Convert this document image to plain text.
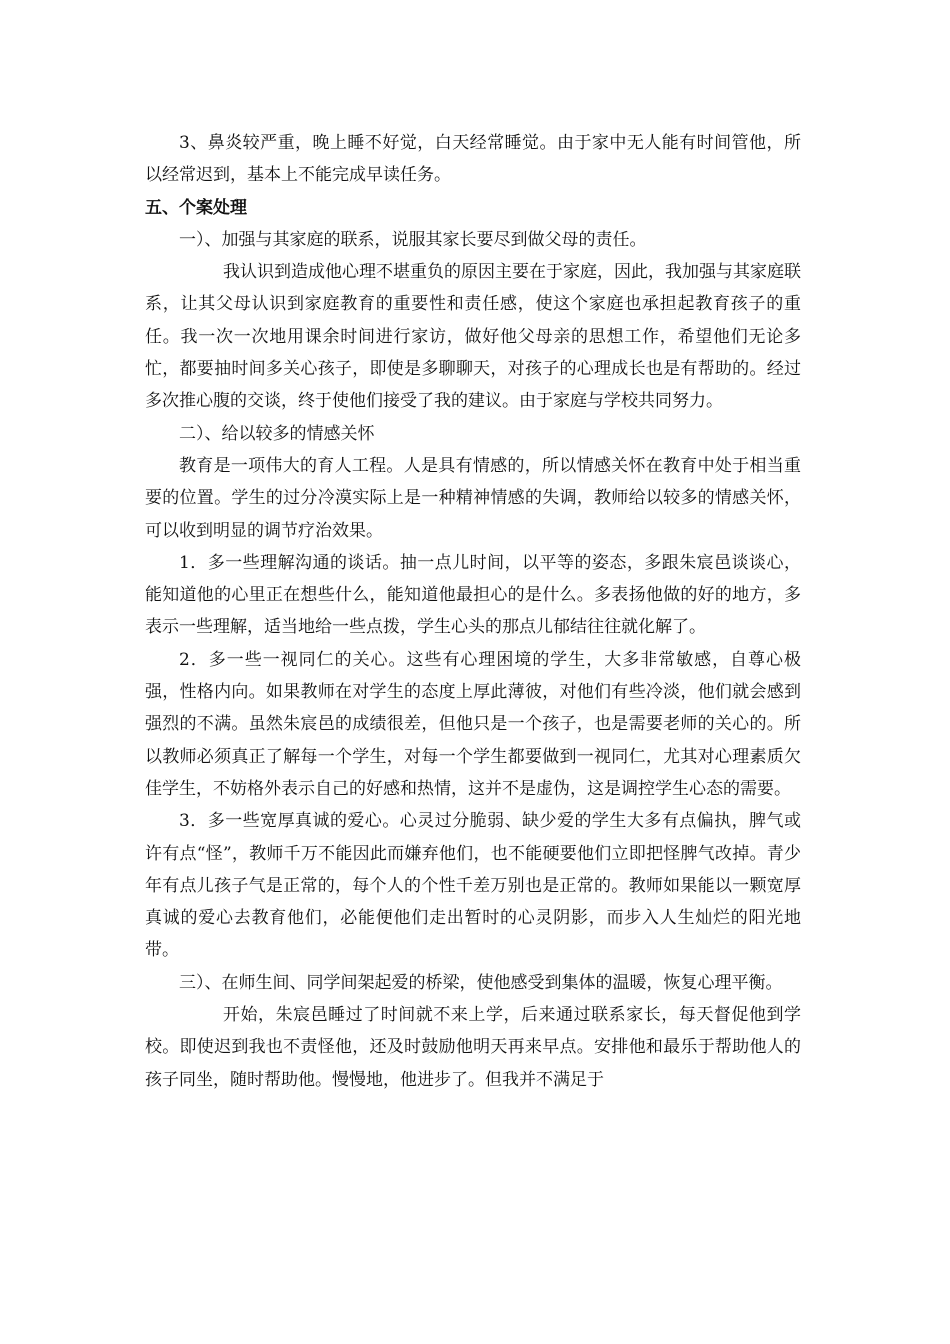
3、鼻炎较严重，晚上睡不好觉，白天经常睡觉。由于家中无人能有时间管他，所以经常迟到，基本上不能完成早读任务。

五、个案处理

一）、加强与其家庭的联系，说服其家长要尽到做父母的责任。

我认识到造成他心理不堪重负的原因主要在于家庭，因此，我加强与其家庭联系，让其父母认识到家庭教育的重要性和责任感，使这个家庭也承担起教育孩子的重任。我一次一次地用课余时间进行家访，做好他父母亲的思想工作，希望他们无论多忙，都要抽时间多关心孩子，即使是多聊聊天，对孩子的心理成长也是有帮助的。经过多次推心腹的交谈，终于使他们接受了我的建议。由于家庭与学校共同努力。

二）、给以较多的情感关怀

教育是一项伟大的育人工程。人是具有情感的，所以情感关怀在教育中处于相当重要的位置。学生的过分冷漠实际上是一种精神情感的失调，教师给以较多的情感关怀，可以收到明显的调节疗治效果。

1．多一些理解沟通的谈话。抽一点儿时间，以平等的姿态，多跟朱宸邑谈谈心，能知道他的心里正在想些什么，能知道他最担心的是什么。多表扬他做的好的地方，多表示一些理解，适当地给一些点拨，学生心头的那点儿郁结往往就化解了。

2．多一些一视同仁的关心。这些有心理困境的学生，大多非常敏感，自尊心极强，性格内向。如果教师在对学生的态度上厚此薄彼，对他们有些冷淡，他们就会感到强烈的不满。虽然朱宸邑的成绩很差，但他只是一个孩子，也是需要老师的关心的。所以教师必须真正了解每一个学生，对每一个学生都要做到一视同仁，尤其对心理素质欠佳学生，不妨格外表示自己的好感和热情，这并不是虚伪，这是调控学生心态的需要。

3．多一些宽厚真诚的爱心。心灵过分脆弱、缺少爱的学生大多有点偏执，脾气或许有点“怪”，教师千万不能因此而嫌弃他们，也不能硬要他们立即把怪脾气改掉。青少年有点儿孩子气是正常的，每个人的个性千差万别也是正常的。教师如果能以一颗宽厚真诚的爱心去教育他们，必能便他们走出暂时的心灵阴影，而步入人生灿烂的阳光地带。

三）、在师生间、同学间架起爱的桥梁，使他感受到集体的温暖，恢复心理平衡。

开始，朱宸邑睡过了时间就不来上学，后来通过联系家长，每天督促他到学校。即使迟到我也不责怪他，还及时鼓励他明天再来早点。安排他和最乐于帮助他人的孩子同坐，随时帮助他。慢慢地，他进步了。但我并不满足于
